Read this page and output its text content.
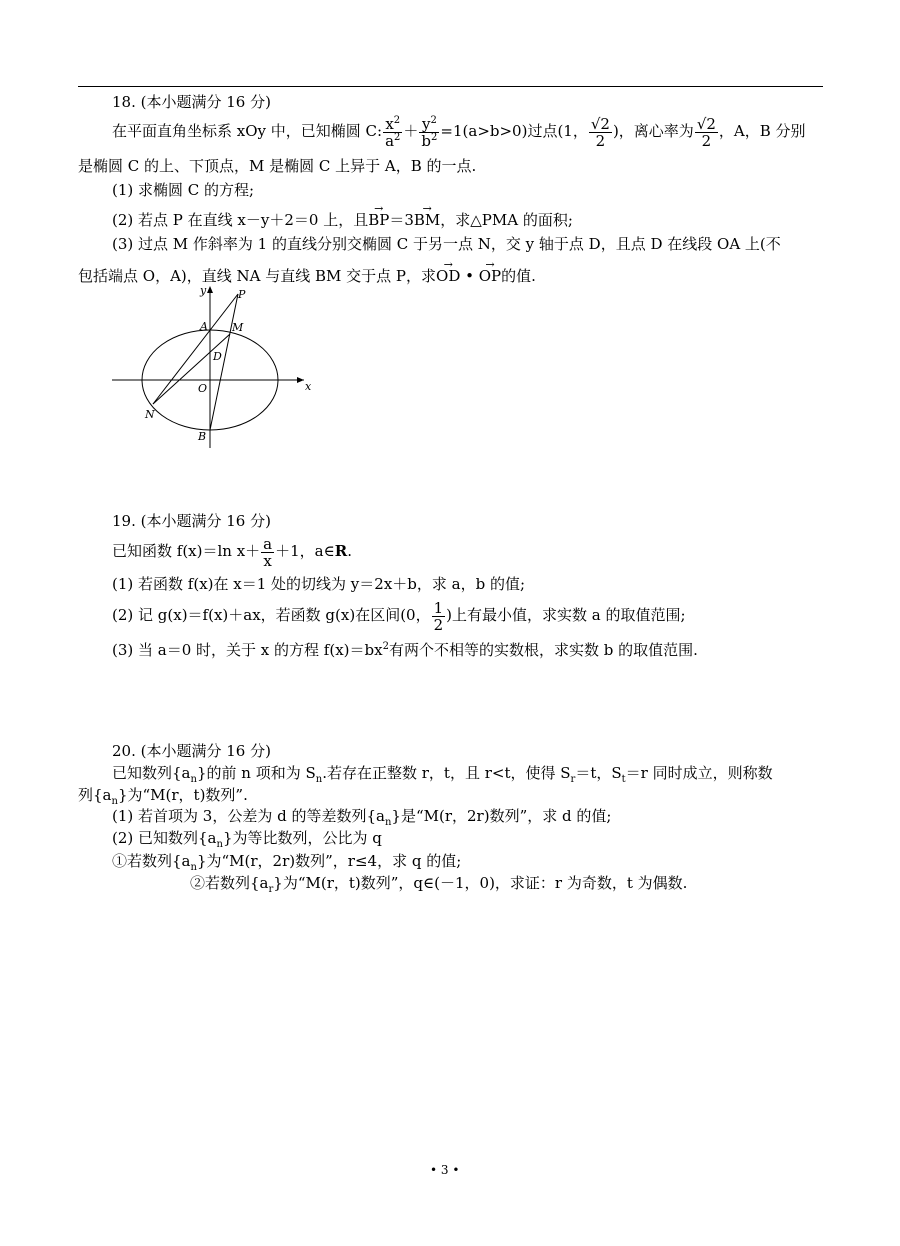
18. (本小题满分 16 分)
在平面直角坐标系 xOy 中，已知椭圆 C: $\frac{x^2}{a^2} + \frac{y^2}{b^2} =1(a>b>0)$过点(1， $\frac{√2}{2}$ )，离心率为 $\frac{√2}{2}$ ，A，B 分别
是椭圆 C 的上、下顶点，M 是椭圆 C 上异于 A，B 的一点.
(1) 求椭圆 C 的方程;
(2) 若点 P 在直线 x－y＋2＝0 上，且→ BP＝3→ BM，求△PMA 的面积;
(3) 过点 M 作斜率为 1 的直线分别交椭圆 C 于另一点 N，交 y 轴于点 D，且点 D 在线段 OA 上(不
包括端点 O，A)，直线 NA 与直线 BM 交于点 P，求→ OD • → OP的值.
y	P
A M
D
O	x
N
B
19. (本小题满分 16 分)
已知函数 f(x)＝ln $x+ \frac{a}{x} +1$，a∈R.
(1) 若函数 f(x)在 x＝1 处的切线为 y＝2x＋b，求 a，b 的值;
(2) 记 g(x)＝f(x)＋ax，若函数 g(x)在区间(0， $\frac{1}{2}$ )上有最小值，求实数 a 的取值范围;
(3) 当 a＝0 时，关于 x 的方程 $f(x)=bx^2$有两个不相等的实数根，求实数 b 的取值范围.
20. (本小题满分 16 分)
已知数列$\{a_n\}$的前 n 项和为 $S_n$.若存在正整数 r，t，且 r<t，使得 $S_r=t$，$S_t=r$ 同时成立，则称数
列$\{a_n\}$为“M(r，t)数列”.
(1) 若首项为 3，公差为 d 的等差数列$\{a_n\}$是“M(r，2r)数列”，求 d 的值;
(2) 已知数列$\{a_n\}$为等比数列，公比为 q
①若数列$\{a_n\}$为“M(r，2r)数列”，r≤4，求 q 的值;
②若数列$\{a_r\}$为“M(r，t)数列”，q∈(－1，0)，求证：r 为奇数，t 为偶数.
• 3 •
